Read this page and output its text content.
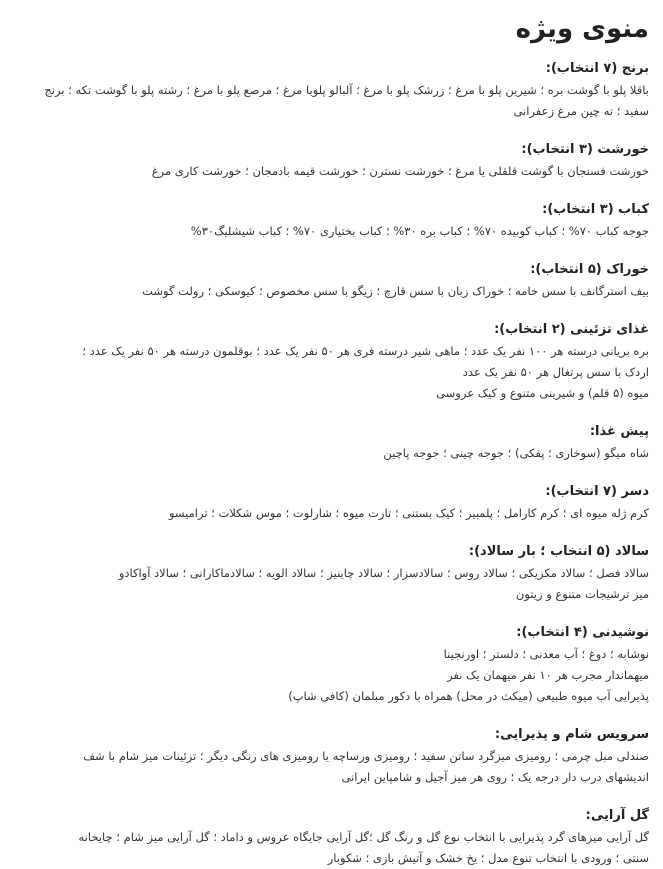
منوی ویژه

برنج (۷ انتخاب):

باقلا پلو با گوشت بره ؛ شیرین پلو با مرغ ؛ زرشک پلو با مرغ ؛ آلبالو پلوبا مرغ ؛ مرصع پلو با مرغ ؛ رشته پلو با گوشت تکه ؛ برنج

سفید ؛ ته چین مرغ زعفرانی

خورشت (۳ انتخاب):

خورشت فسنجان با گوشت قلقلی یا مرغ ؛ خورشت نسترن ؛ خورشت قیمه بادمجان ؛ خورشت کاری مرغ

کباب (۳ انتخاب):

جوجه کباب ۷۰% ؛ کباب کوبیده ۷۰% ؛ کباب بره ۳۰% ؛ کباب بختیاری ۷۰% ؛ کباب شیشلیگ۳۰%

خوراک (۵ انتخاب):

بیف استرگانف با سس خامه ؛ خوراک زبان با سس قارچ ؛ زیگو با سس مخصوص ؛ کیوسکی ؛ رولت گوشت

غذای تزئینی (۲ انتخاب):

بره بریانی درسته هر ۱۰۰ نفر یک عدد ؛ ماهی شیر درسته فری هر ۵۰ نفر یک عدد ؛ بوقلمون درسته هر ۵۰ نفر یک عدد ؛

اردک با سس پرتغال هر ۵۰ نفر یک عدد

میوه (۵ قلم) و شیرینی متنوع و کیک عروسی

پیش غذا:

شاه میگو (سوخاری ؛ پفکی) ؛ جوجه چینی ؛ جوجه پاچین

دسر (۷ انتخاب):

کرم ژله میوه ای ؛ کرم کارامل ؛ پلمبیر ؛ کیک بستنی ؛ تارت میوه ؛ شارلوت ؛ موس شکلات ؛ ترامیسو

سالاد (۵ انتخاب ؛ بار سالاد):

سالاد فصل ؛ سالاد مکزیکی ؛ سالاد روس ؛ سالادسزار ؛ سالاد چاینیز ؛ سالاد الویه ؛ سالادماکارانی ؛ سالاد آواکادو

میز ترشیجات متنوع و زیتون

نوشیدنی (۴ انتخاب):

نوشابه ؛ دوغ ؛ آب معدنی ؛ دلستر ؛ اورنجینا

میهماندار مجرب هر ۱۰ نفر میهمان یک نفر

پذیرایی آب میوه طبیعی (میکث در محل) همراه با دکور مبلمان (کافی شاپ)

سرویس شام و پذیرایی:

صندلی مبل چرمی ؛ رومیزی میزگرد ساتن سفید ؛ رومیزی ورساچه یا رومیزی های رنگی دیگر ؛ تزئینات میز شام با شف

اندیشهای درب دار درجه یک ؛ روی هر میز آجیل و شامپاین ایرانی

گل آرایی:

گل آرایی میزهای گرد پذیرایی با انتخاب نوع گل و رنگ گل ؛گل آرایی جایگاه عروس و داماد ؛ گل آرایی میز شام ؛ چایخانه

سنتی ؛ ورودی با انتخاب تنوع مدل ؛ یخ خشک و آتیش بازی ؛ شکوبار
